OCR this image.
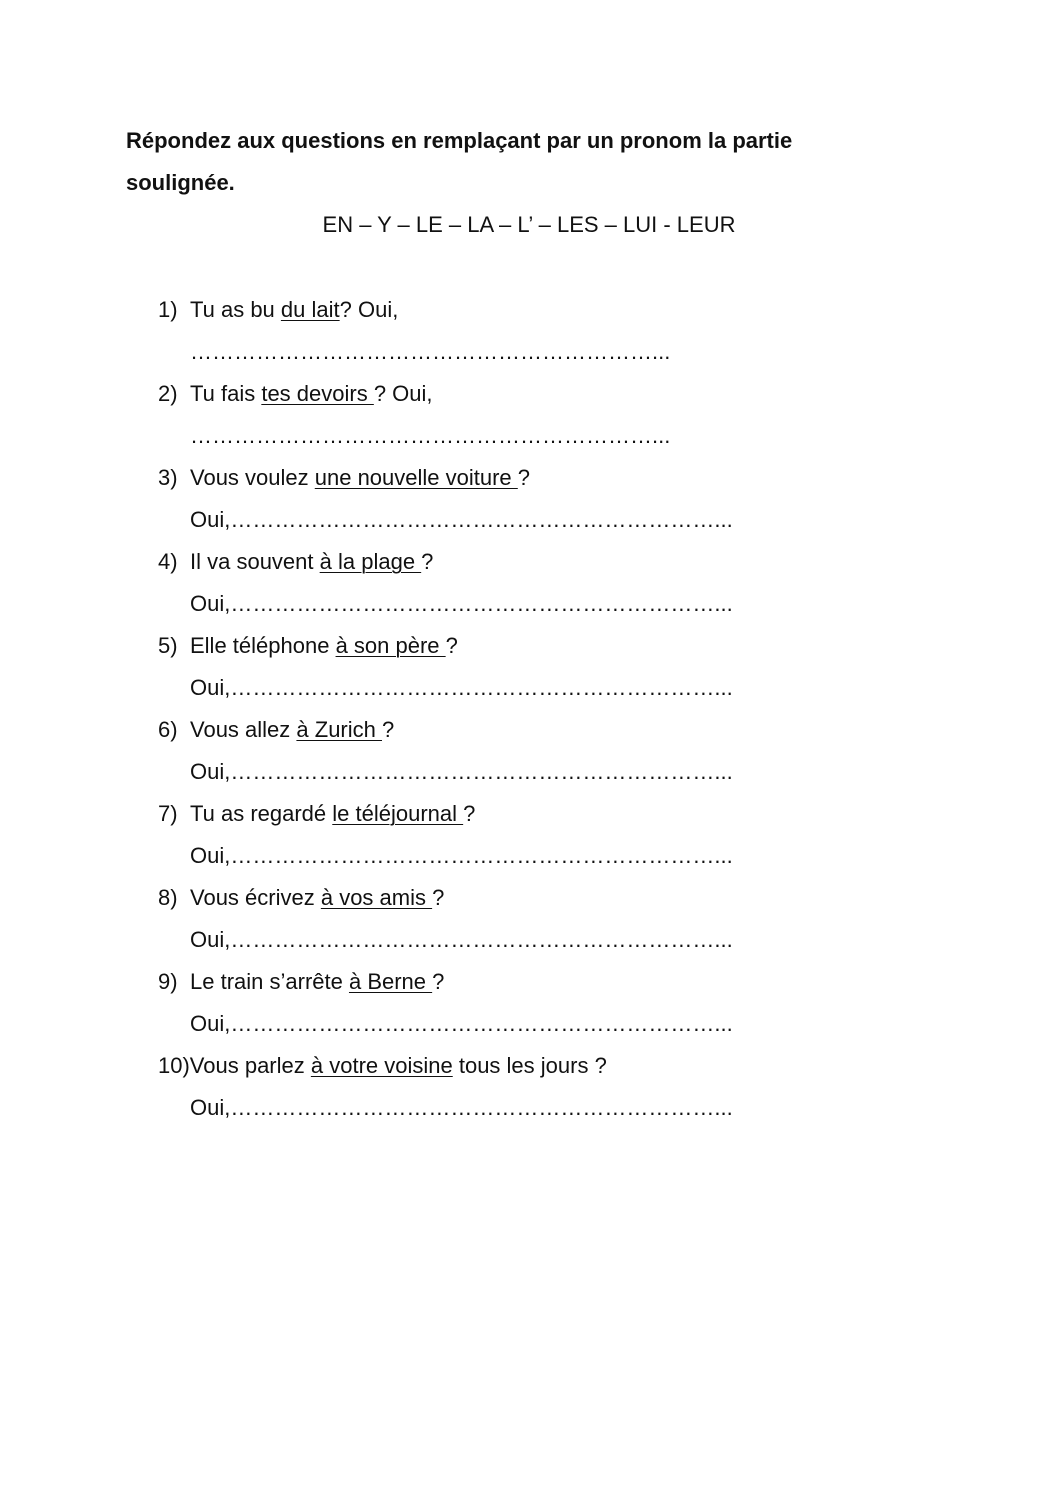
Répondez aux questions en remplaçant par un pronom la partie
soulignée.
EN – Y – LE – LA – L’ – LES – LUI - LEUR
1) Tu as bu du lait? Oui,
………………………………………………………...
2) Tu fais tes devoirs ? Oui,
………………………………………………………...
3) Vous voulez une nouvelle voiture ?
Oui,…………………………………………………………...
4) Il va souvent à la plage ?
Oui,…………………………………………………………...
5) Elle téléphone à son père ?
Oui,…………………………………………………………...
6) Vous allez à Zurich ?
Oui,…………………………………………………………...
7) Tu as regardé le téléjournal ?
Oui,…………………………………………………………...
8) Vous écrivez à vos amis ?
Oui,…………………………………………………………...
9) Le train s’arrête à Berne ?
Oui,…………………………………………………………...
10)Vous parlez à votre voisine tous les jours ?
Oui,…………………………………………………………...
